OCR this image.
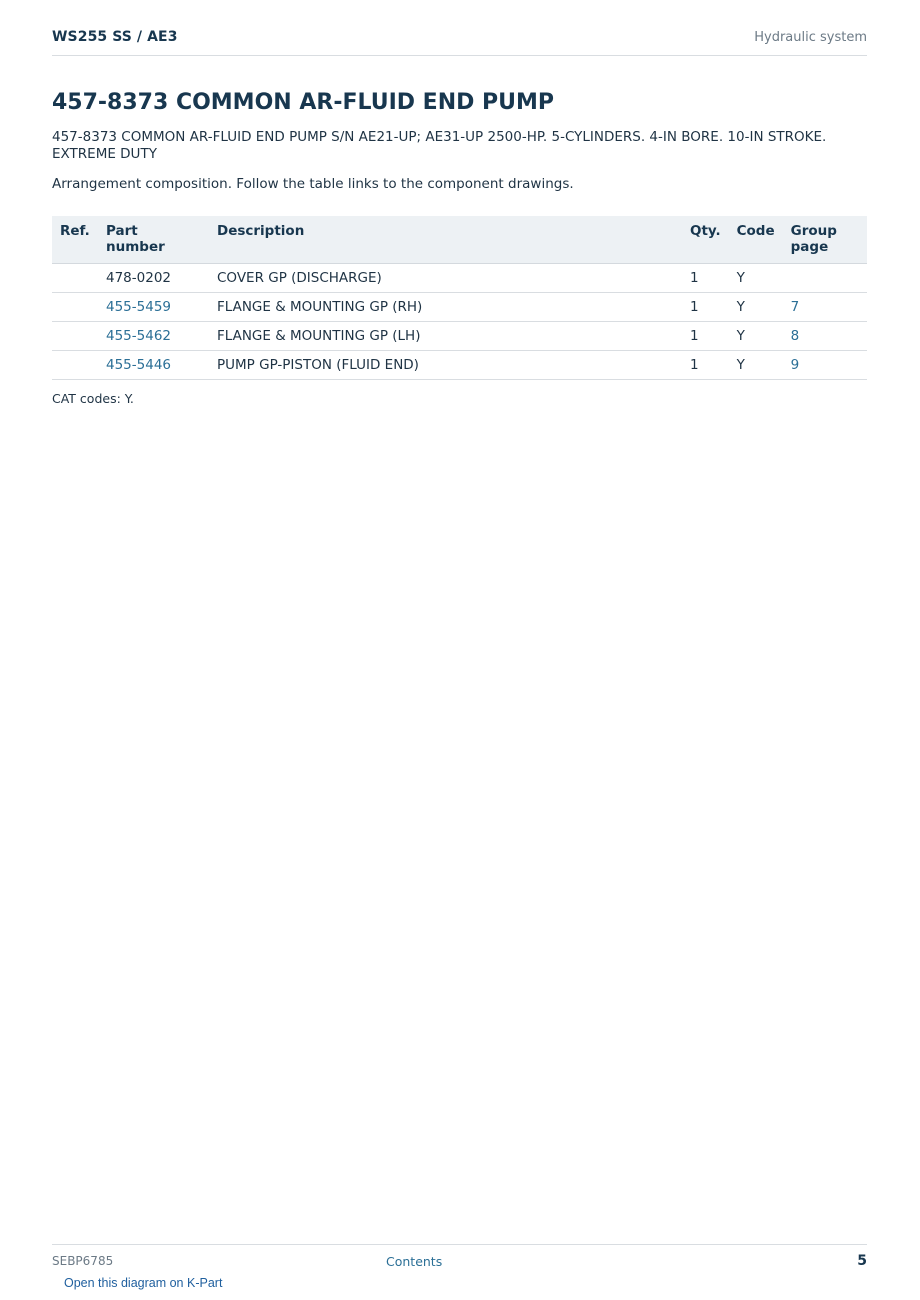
WS255 SS / AE3	Hydraulic system
457-8373 COMMON AR-FLUID END PUMP

457-8373 COMMON AR-FLUID END PUMP S/N AE21-UP; AE31-UP 2500-HP. 5-CYLINDERS. 4-IN BORE. 10-IN STROKE. EXTREME DUTY

Arrangement composition. Follow the table links to the component drawings.

Ref.	Part number	Description	Qty.	Code	Group page
	478-0202	COVER GP (DISCHARGE)	1	Y	
	455-5459	FLANGE & MOUNTING GP (RH)	1	Y	7
	455-5462	FLANGE & MOUNTING GP (LH)	1	Y	8
	455-5446	PUMP GP-PISTON (FLUID END)	1	Y	9

CAT codes: Y.

SEBP6785	Contents	5
Open this diagram on K-Part
